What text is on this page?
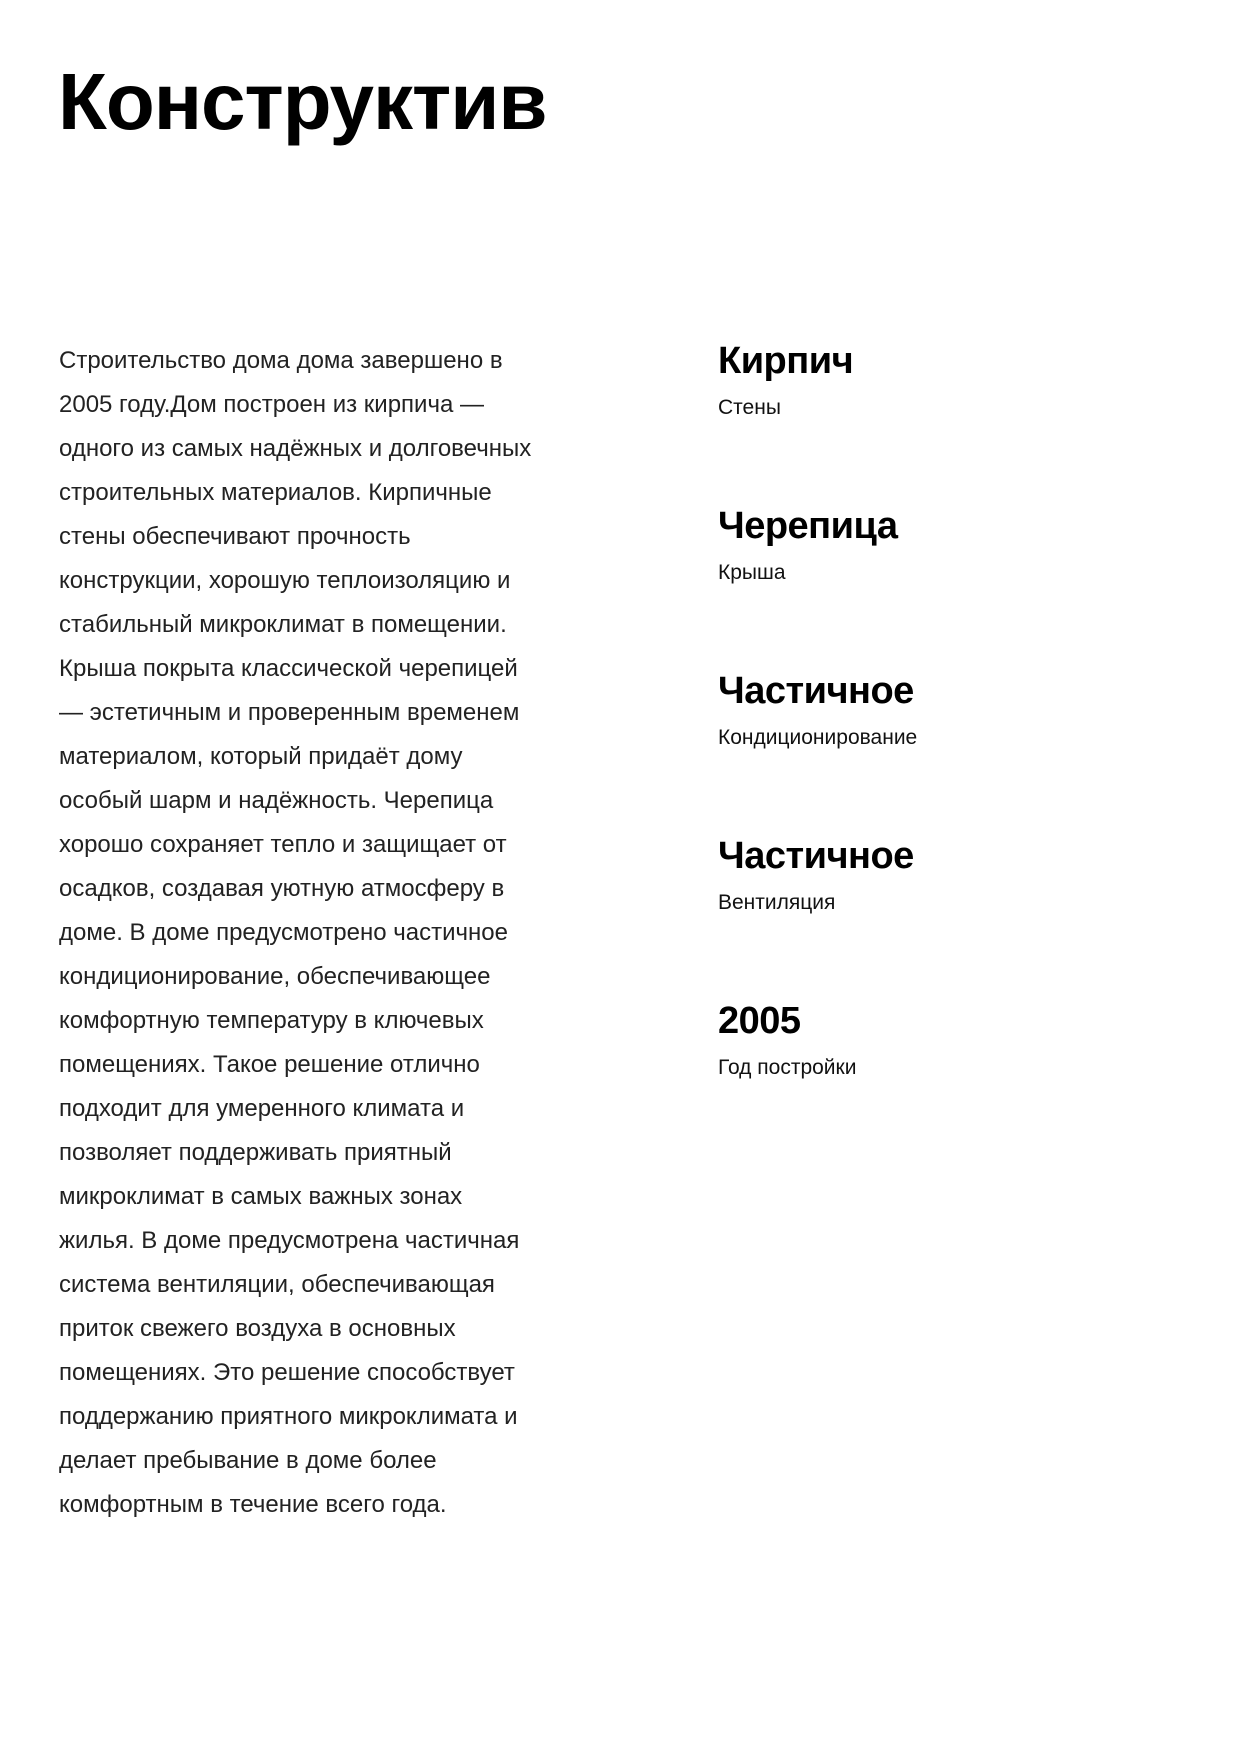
Конструктив

Строительство дома дома завершено в
2005 году.Дом построен из кирпича —
одного из самых надёжных и долговечных
строительных материалов. Кирпичные
стены обеспечивают прочность
конструкции, хорошую теплоизоляцию и
стабильный микроклимат в помещении.
Крыша покрыта классической черепицей
— эстетичным и проверенным временем
материалом, который придаёт дому
особый шарм и надёжность. Черепица
хорошо сохраняет тепло и защищает от
осадков, создавая уютную атмосферу в
доме. В доме предусмотрено частичное
кондиционирование, обеспечивающее
комфортную температуру в ключевых
помещениях. Такое решение отлично
подходит для умеренного климата и
позволяет поддерживать приятный
микроклимат в самых важных зонах
жилья. В доме предусмотрена частичная
система вентиляции, обеспечивающая
приток свежего воздуха в основных
помещениях. Это решение способствует
поддержанию приятного микроклимата и
делает пребывание в доме более
комфортным в течение всего года.

Кирпич
Стены
Черепица
Крыша
Частичное
Кондиционирование
Частичное
Вентиляция
2005
Год постройки
